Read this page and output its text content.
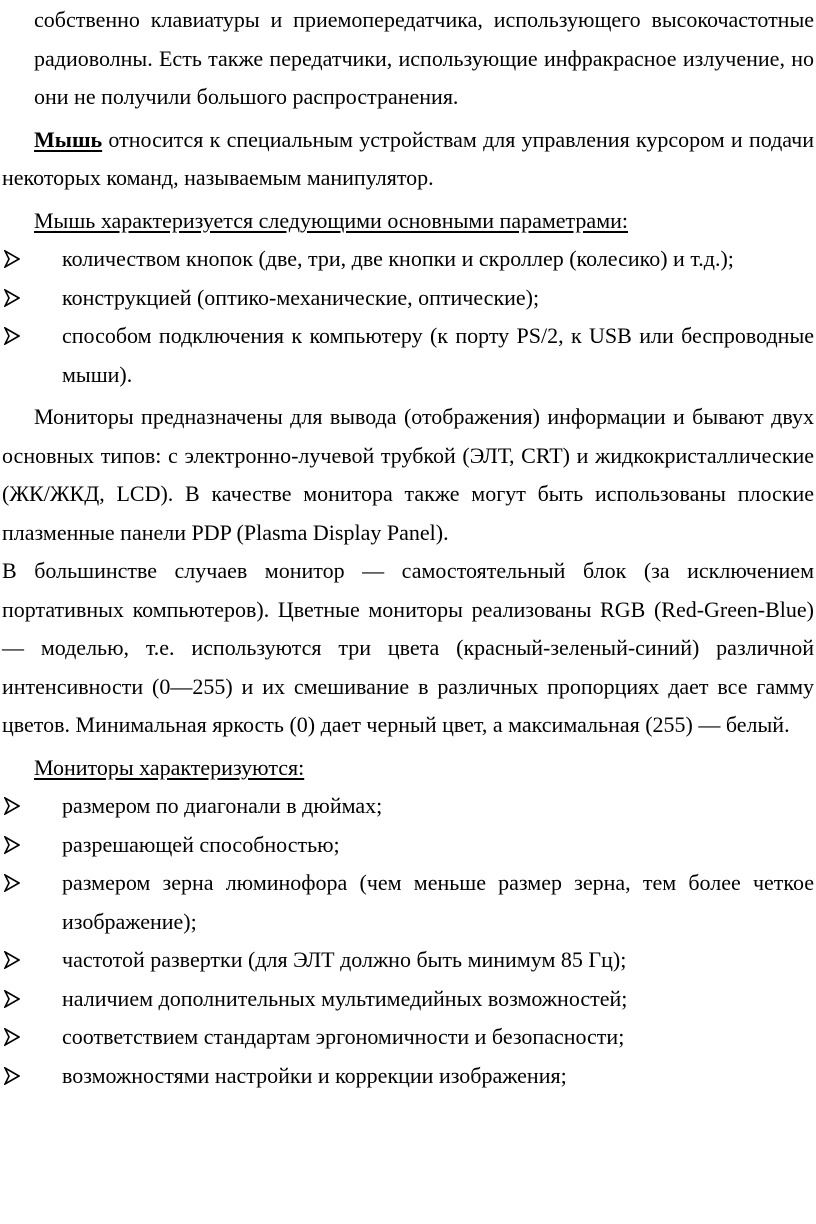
собственно клавиатуры и приемопередатчика, использующего высокочастотные радиоволны. Есть также передатчики, использующие инфракрасное излучение, но они не получили большого распространения.

Мышь относится к специальным устройствам для управления курсором и подачи некоторых команд, называемым манипулятор.

Мышь характеризуется следующими основными параметрами:

количеством кнопок (две, три, две кнопки и скроллер (колесико) и т.д.);
конструкцией (оптико-механические, оптические);
способом подключения к компьютеру (к порту PS/2, к USB или беспроводные мыши).

Мониторы предназначены для вывода (отображения) информации и бывают двух основных типов: с электронно-лучевой трубкой (ЭЛТ, CRT) и жидкокристаллические (ЖК/ЖКД, LCD). В качестве монитора также могут быть использованы плоские плазменные панели PDP (Plasma Display Panel).

В большинстве случаев монитор — самостоятельный блок (за исключением портативных компьютеров). Цветные мониторы реализованы RGB (Red-Green-Blue) — моделью, т.е. используются три цвета (красный-зеленый-синий) различной интенсивности (0—255) и их смешивание в различных пропорциях дает все гамму цветов. Минимальная яркость (0) дает черный цвет, а максимальная (255) — белый.

Мониторы характеризуются:

размером по диагонали в дюймах;
разрешающей способностью;
размером зерна люминофора (чем меньше размер зерна, тем более четкое изображение);
частотой развертки (для ЭЛТ должно быть минимум 85 Гц);
наличием дополнительных мультимедийных возможностей;
соответствием стандартам эргономичности и безопасности;
возможностями настройки и коррекции изображения;
